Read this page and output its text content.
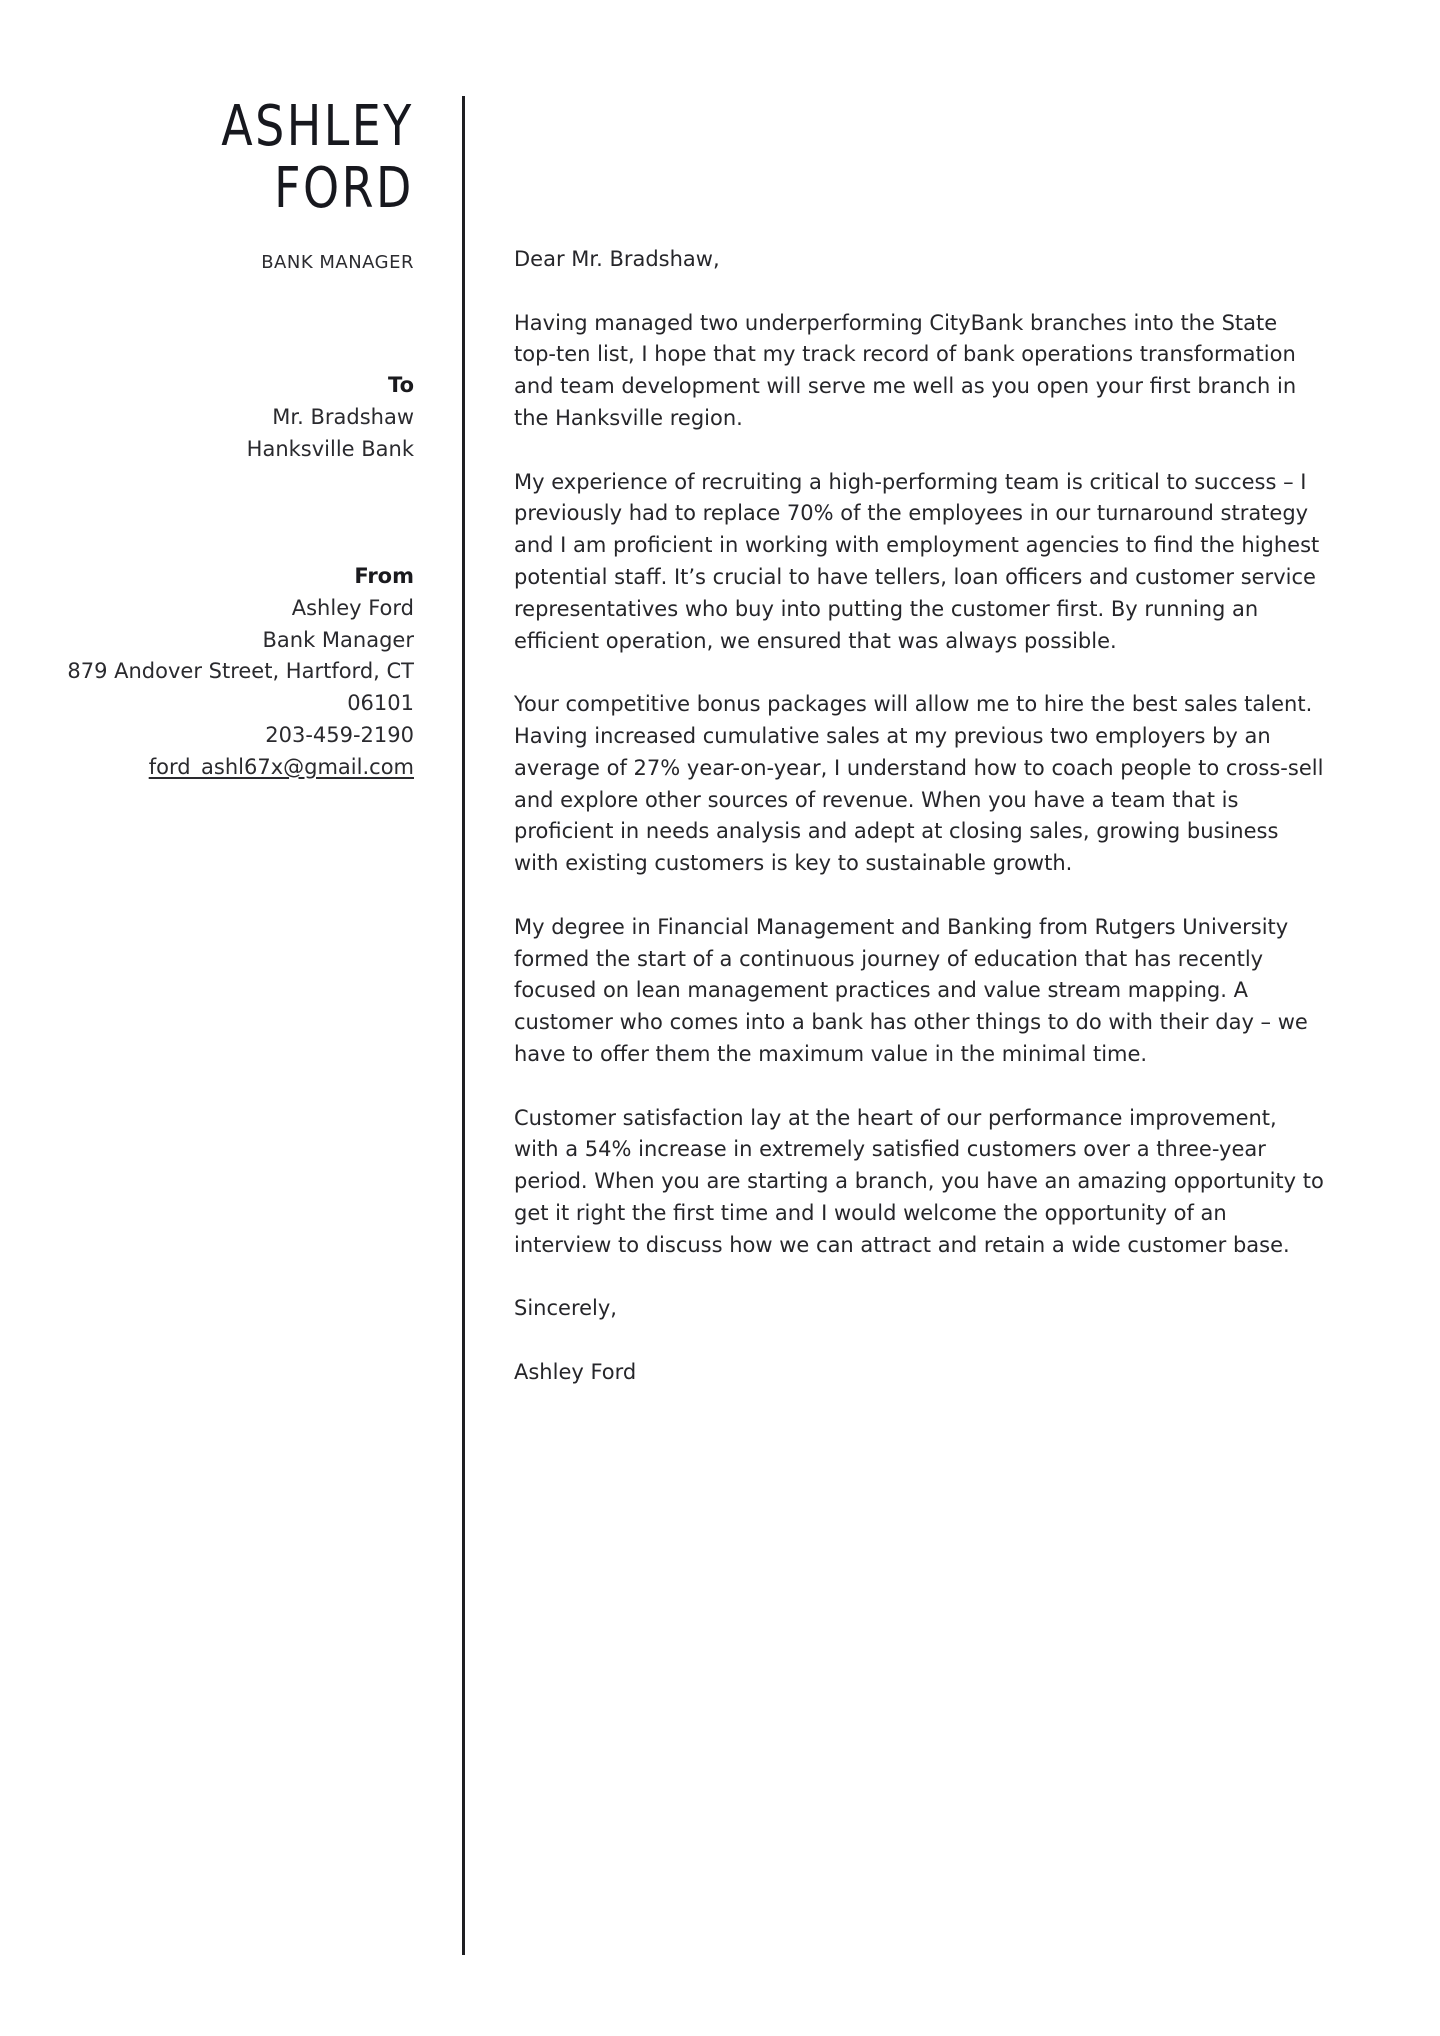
ASHLEY
FORD
BANK MANAGER
To
Mr. Bradshaw
Hanksville Bank
From
Ashley Ford
Bank Manager
879 Andover Street, Hartford, CT
06101
203-459-2190
ford_ashl67x@gmail.com

Dear Mr. Bradshaw,

Having managed two underperforming CityBank branches into the State top-ten list, I hope that my track record of bank operations transformation and team development will serve me well as you open your first branch in the Hanksville region.

My experience of recruiting a high-performing team is critical to success – I previously had to replace 70% of the employees in our turnaround strategy and I am proficient in working with employment agencies to find the highest potential staff. It’s crucial to have tellers, loan officers and customer service representatives who buy into putting the customer first. By running an efficient operation, we ensured that was always possible.

Your competitive bonus packages will allow me to hire the best sales talent. Having increased cumulative sales at my previous two employers by an average of 27% year-on-year, I understand how to coach people to cross-sell and explore other sources of revenue. When you have a team that is proficient in needs analysis and adept at closing sales, growing business with existing customers is key to sustainable growth.

My degree in Financial Management and Banking from Rutgers University formed the start of a continuous journey of education that has recently focused on lean management practices and value stream mapping. A customer who comes into a bank has other things to do with their day – we have to offer them the maximum value in the minimal time.

Customer satisfaction lay at the heart of our performance improvement, with a 54% increase in extremely satisfied customers over a three-year period. When you are starting a branch, you have an amazing opportunity to get it right the first time and I would welcome the opportunity of an interview to discuss how we can attract and retain a wide customer base.

Sincerely,

Ashley Ford
